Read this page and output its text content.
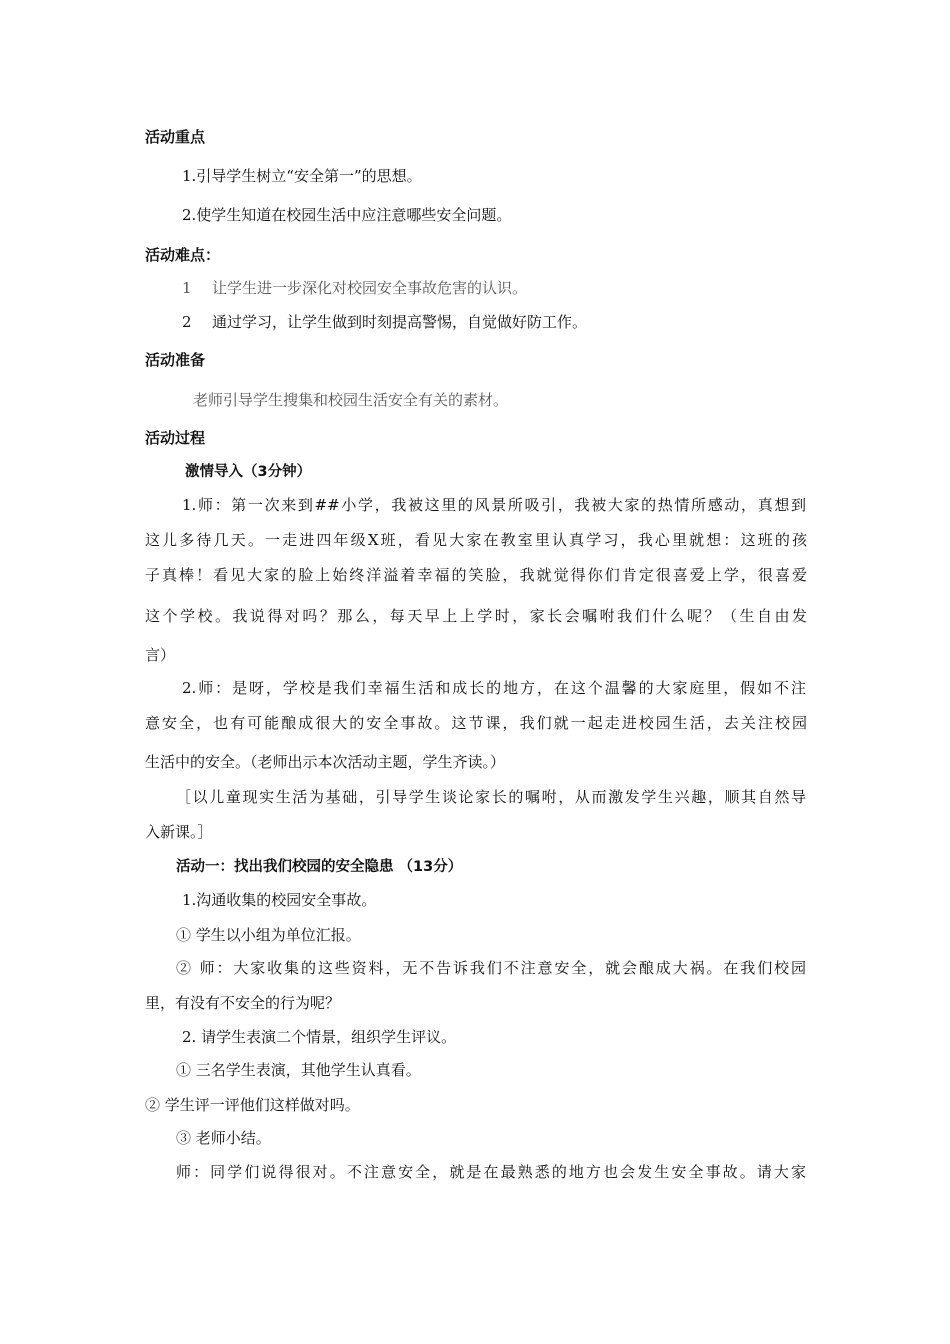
活动重点
1.引导学生树立“安全第一”的思想。
2.使学生知道在校园生活中应注意哪些安全问题。
活动难点：
1 让学生进一步深化对校园安全事故危害的认识。
2 通过学习，让学生做到时刻提高警惕，自觉做好防工作。
活动准备
老师引导学生搜集和校园生活安全有关的素材。
活动过程
激情导入（3分钟）
1.师：第一次来到##小学，我被这里的风景所吸引，我被大家的热情所感动，真想到
这儿多待几天。一走进四年级X班，看见大家在教室里认真学习，我心里就想：这班的孩
子真棒！看见大家的脸上始终洋溢着幸福的笑脸，我就觉得你们肯定很喜爱上学，很喜爱
这个学校。我说得对吗？那么，每天早上上学时，家长会嘱咐我们什么呢？（生自由发
言）
2.师：是呀，学校是我们幸福生活和成长的地方，在这个温馨的大家庭里，假如不注
意安全，也有可能酿成很大的安全事故。这节课，我们就一起走进校园生活，去关注校园
生活中的安全。（老师出示本次活动主题，学生齐读。）
［以儿童现实生活为基础，引导学生谈论家长的嘱咐，从而激发学生兴趣，顺其自然导
入新课。］
活动一：找出我们校园的安全隐患 （13分）
1.沟通收集的校园安全事故。
① 学生以小组为单位汇报。
② 师：大家收集的这些资料，无不告诉我们不注意安全，就会酿成大祸。在我们校园
里，有没有不安全的行为呢？
2. 请学生表演二个情景，组织学生评议。
① 三名学生表演，其他学生认真看。
② 学生评一评他们这样做对吗。
③ 老师小结。
师：同学们说得很对。不注意安全，就是在最熟悉的地方也会发生安全事故。请大家
